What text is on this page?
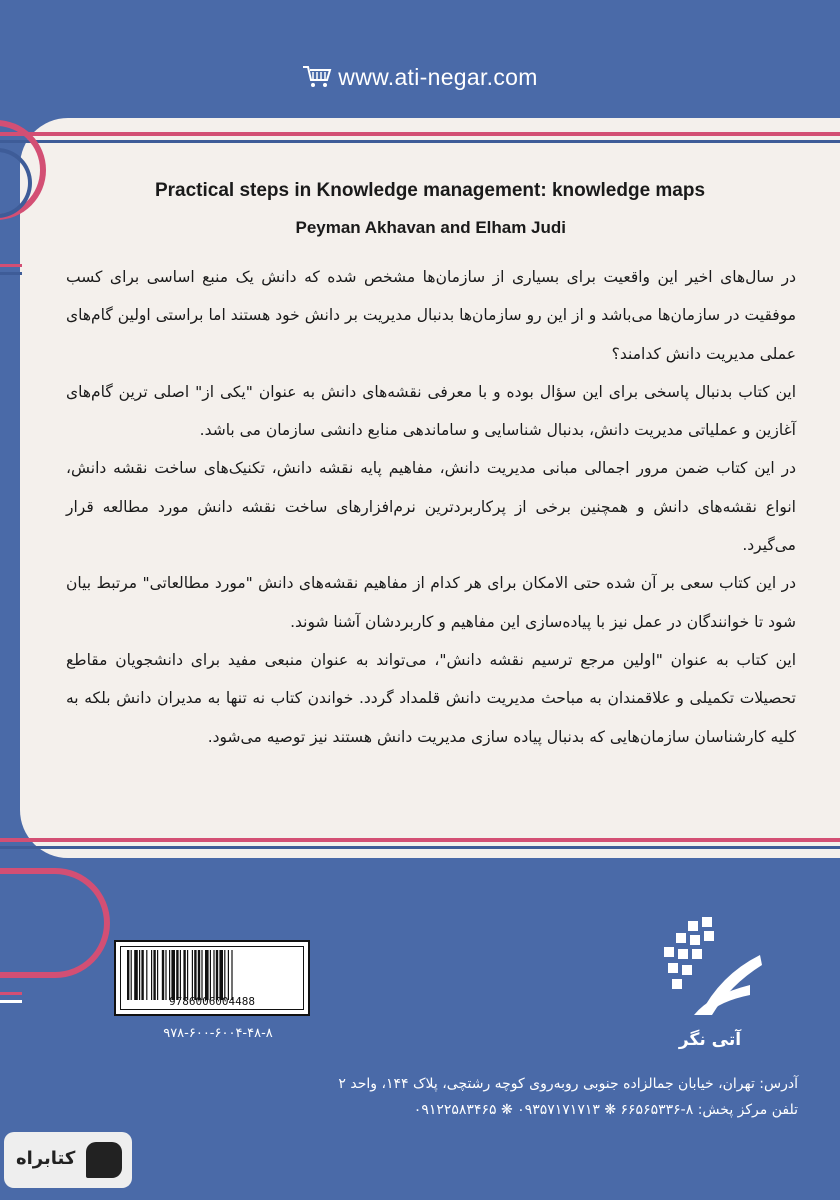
www.ati-negar.com
Practical steps in Knowledge management: knowledge maps
Peyman Akhavan and Elham Judi

در سال‌های اخیر این واقعیت برای بسیاری از سازمان‌ها مشخص شده که دانش یک منبع اساسی برای کسب موفقیت در سازمان‌ها می‌باشد و از این رو سازمان‌ها بدنبال مدیریت بر دانش خود هستند اما براستی اولین گام‌های عملی مدیریت دانش کدامند؟

این کتاب بدنبال پاسخی برای این سؤال بوده و با معرفی نقشه‌های دانش به عنوان "یکی از" اصلی ترین گام‌های آغازین و عملیاتی مدیریت دانش، بدنبال شناسایی و ساماندهی منابع دانشی سازمان می باشد.

در این کتاب ضمن مرور اجمالی مبانی مدیریت دانش، مفاهیم پایه نقشه دانش، تکنیک‌های ساخت نقشه دانش، انواع نقشه‌های دانش و همچنین برخی از پرکاربردترین نرم‌افزارهای ساخت نقشه دانش مورد مطالعه قرار می‌گیرد.

در این کتاب سعی بر آن شده حتی الامکان برای هر کدام از مفاهیم نقشه‌های دانش "مورد مطالعاتی" مرتبط بیان شود تا خوانندگان در عمل نیز با پیاده‌سازی این مفاهیم و کاربردشان آشنا شوند.

این کتاب به عنوان "اولین مرجع ترسیم نقشه دانش"، می‌تواند به عنوان منبعی مفید برای دانشجویان مقاطع تحصیلات تکمیلی و علاقمندان به مباحث مدیریت دانش قلمداد گردد. خواندن کتاب نه تنها به مدیران دانش بلکه به کلیه کارشناسان سازمان‌هایی که بدنبال پیاده سازی مدیریت دانش هستند نیز توصیه می‌شود.

9786006004488
۹۷۸-۶۰۰-۶۰۰۴-۴۸-۸	آتی نگر
آدرس: تهران، خیابان جمالزاده جنوبی روبه‌روی کوچه رشتچی، پلاک ۱۴۴، واحد ۲
تلفن مرکز پخش: ۸-۶۶۵۶۵۳۳۶ ❋ ۰۹۳۵۷۱۷۱۷۱۳ ❋ ۰۹۱۲۲۵۸۳۴۶۵
کتابراه
